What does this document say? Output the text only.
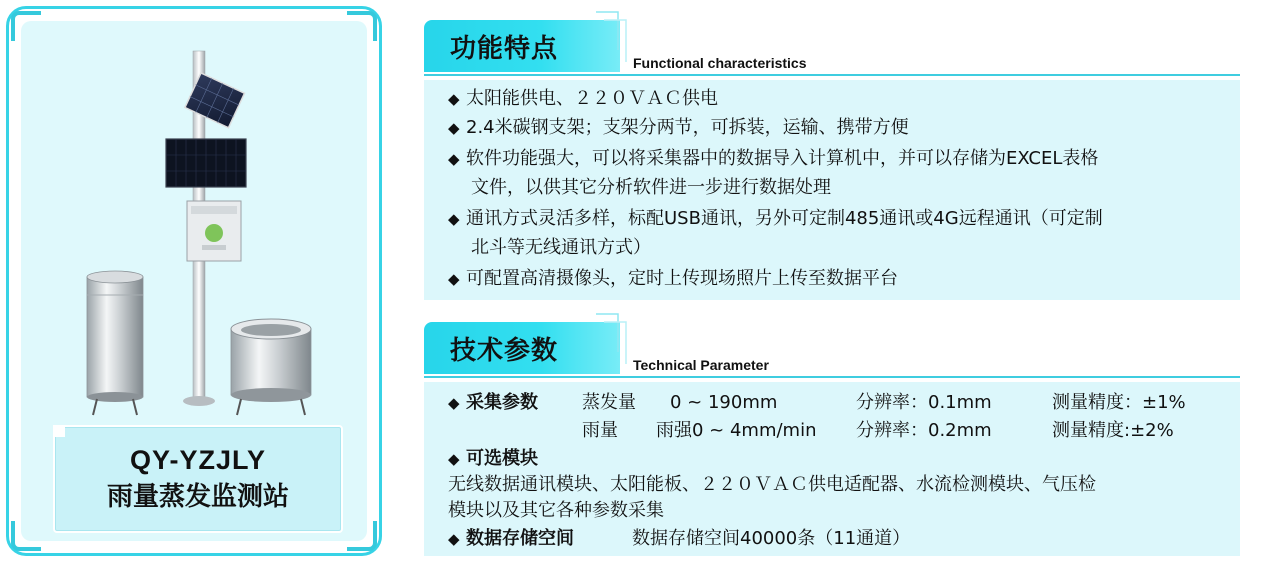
QY-YZJLY
雨量蒸发监测站
功能特点	Functional characteristics
◆ 太阳能供电、２２０ＶＡＣ供电
◆ 2.4米碳钢支架；支架分两节，可拆装，运输、携带方便
◆ 软件功能强大，可以将采集器中的数据导入计算机中，并可以存储为EXCEL表格
文件，以供其它分析软件进一步进行数据处理
◆ 通讯方式灵活多样，标配USB通讯，另外可定制485通讯或4G远程通讯（可定制
北斗等无线通讯方式）
◆ 可配置高清摄像头，定时上传现场照片上传至数据平台
技术参数	Technical Parameter
◆ 采集参数 蒸发量 0 ~ 190mm	分辨率：0.1mm	测量精度：±1%
雨量 雨强0 ~ 4mm/min 分辨率：0.2mm	测量精度:±2%
◆ 可选模块
无线数据通讯模块、太阳能板、２２０ＶＡＣ供电适配器、水流检测模块、气压检
模块以及其它各种参数采集
◆ 数据存储空间	数据存储空间40000条（11通道）
